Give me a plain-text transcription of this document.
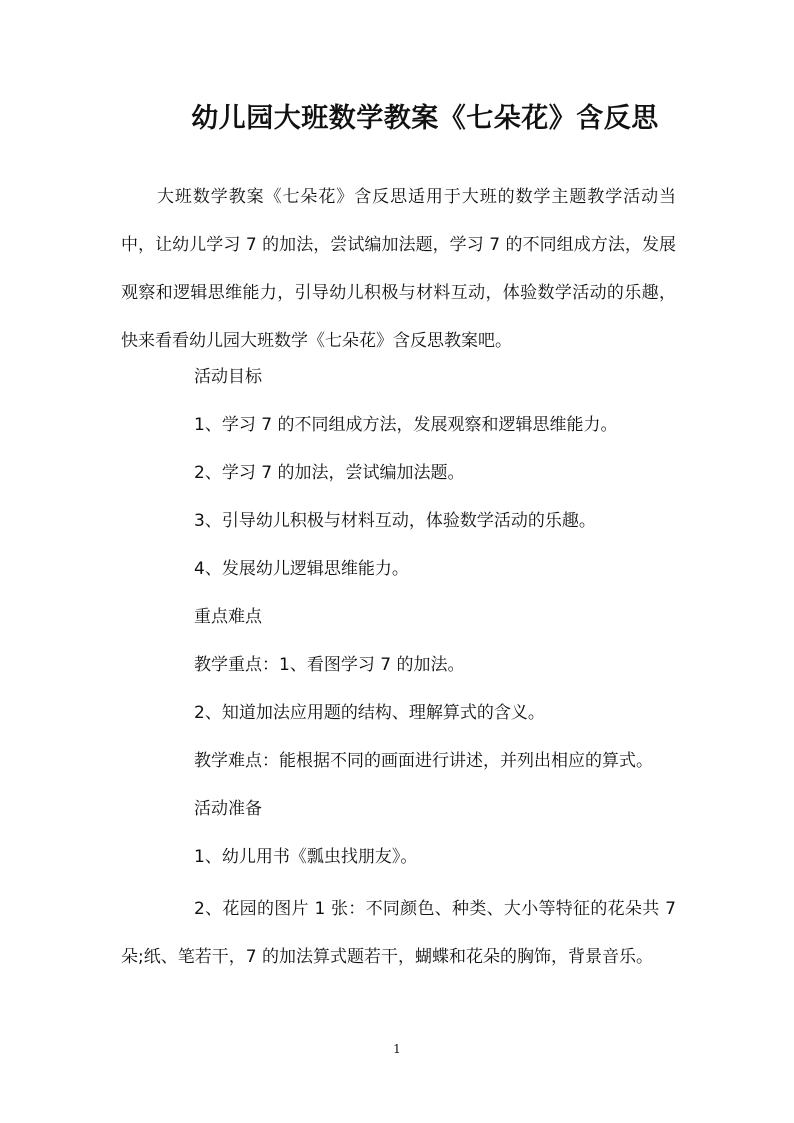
幼儿园大班数学教案《七朵花》含反思

大班数学教案《七朵花》含反思适用于大班的数学主题教学活动当中，让幼儿学习 7 的加法，尝试编加法题，学习 7 的不同组成方法，发展观察和逻辑思维能力，引导幼儿积极与材料互动，体验数学活动的乐趣，快来看看幼儿园大班数学《七朵花》含反思教案吧。

活动目标
1、学习 7 的不同组成方法，发展观察和逻辑思维能力。
2、学习 7 的加法，尝试编加法题。
3、引导幼儿积极与材料互动，体验数学活动的乐趣。
4、发展幼儿逻辑思维能力。
重点难点
教学重点：1、看图学习 7 的加法。
2、知道加法应用题的结构、理解算式的含义。
教学难点：能根据不同的画面进行讲述，并列出相应的算式。
活动准备
1、幼儿用书《瓢虫找朋友》。

2、花园的图片 1 张：不同颜色、种类、大小等特征的花朵共 7 朵;纸、笔若干，7 的加法算式题若干，蝴蝶和花朵的胸饰，背景音乐。

1
